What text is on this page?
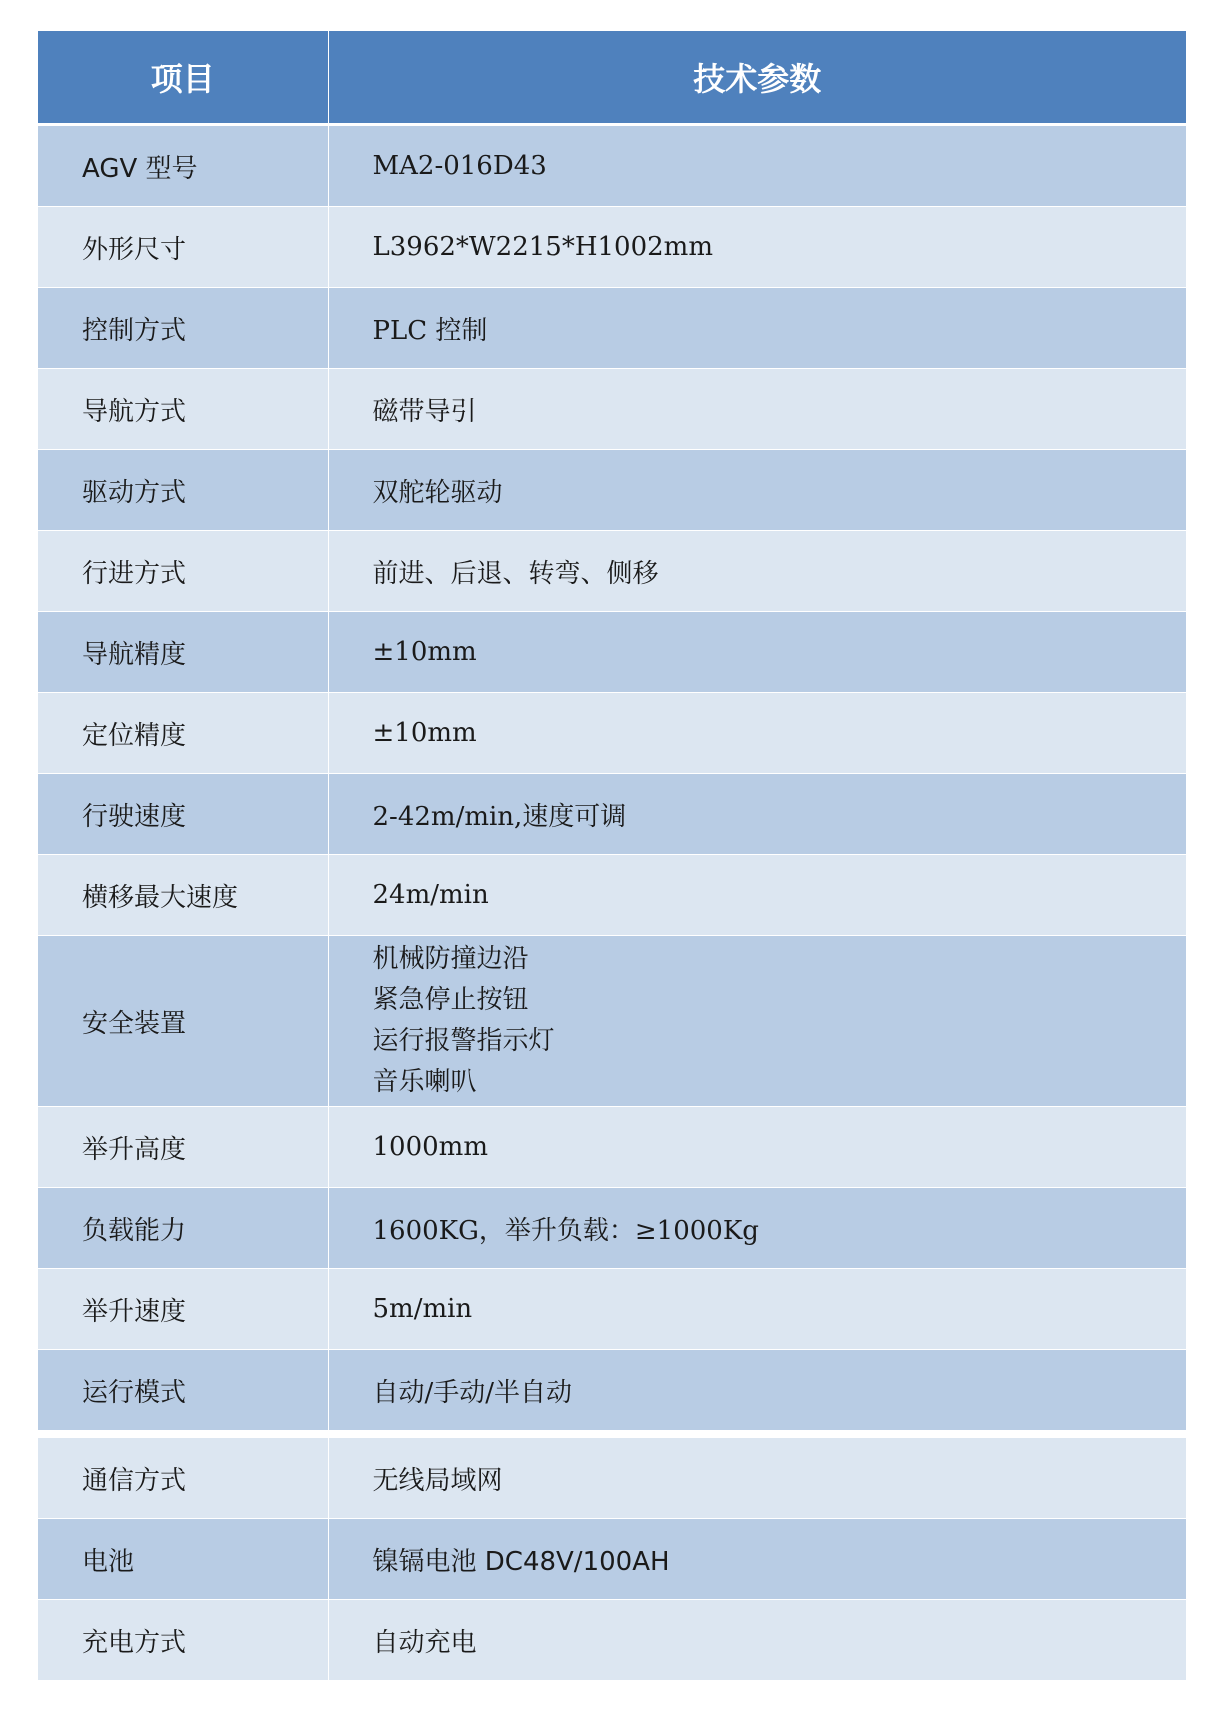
项目	技术参数
AGV 型号	MA2-016D43
外形尺寸	L3962*W2215*H1002mm
控制方式	PLC 控制
导航方式	磁带导引
驱动方式	双舵轮驱动
行进方式	前进、后退、转弯、侧移
导航精度	±10mm
定位精度	±10mm
行驶速度	2-42m/min,速度可调
横移最大速度	24m/min
安全装置	机械防撞边沿
紧急停止按钮
运行报警指示灯
音乐喇叭

举升高度	1000mm
负载能力	1600KG，举升负载：≥1000Kg
举升速度	5m/min
运行模式	自动/手动/半自动
通信方式	无线局域网
电池	镍镉电池 DC48V/100AH
充电方式	自动充电
